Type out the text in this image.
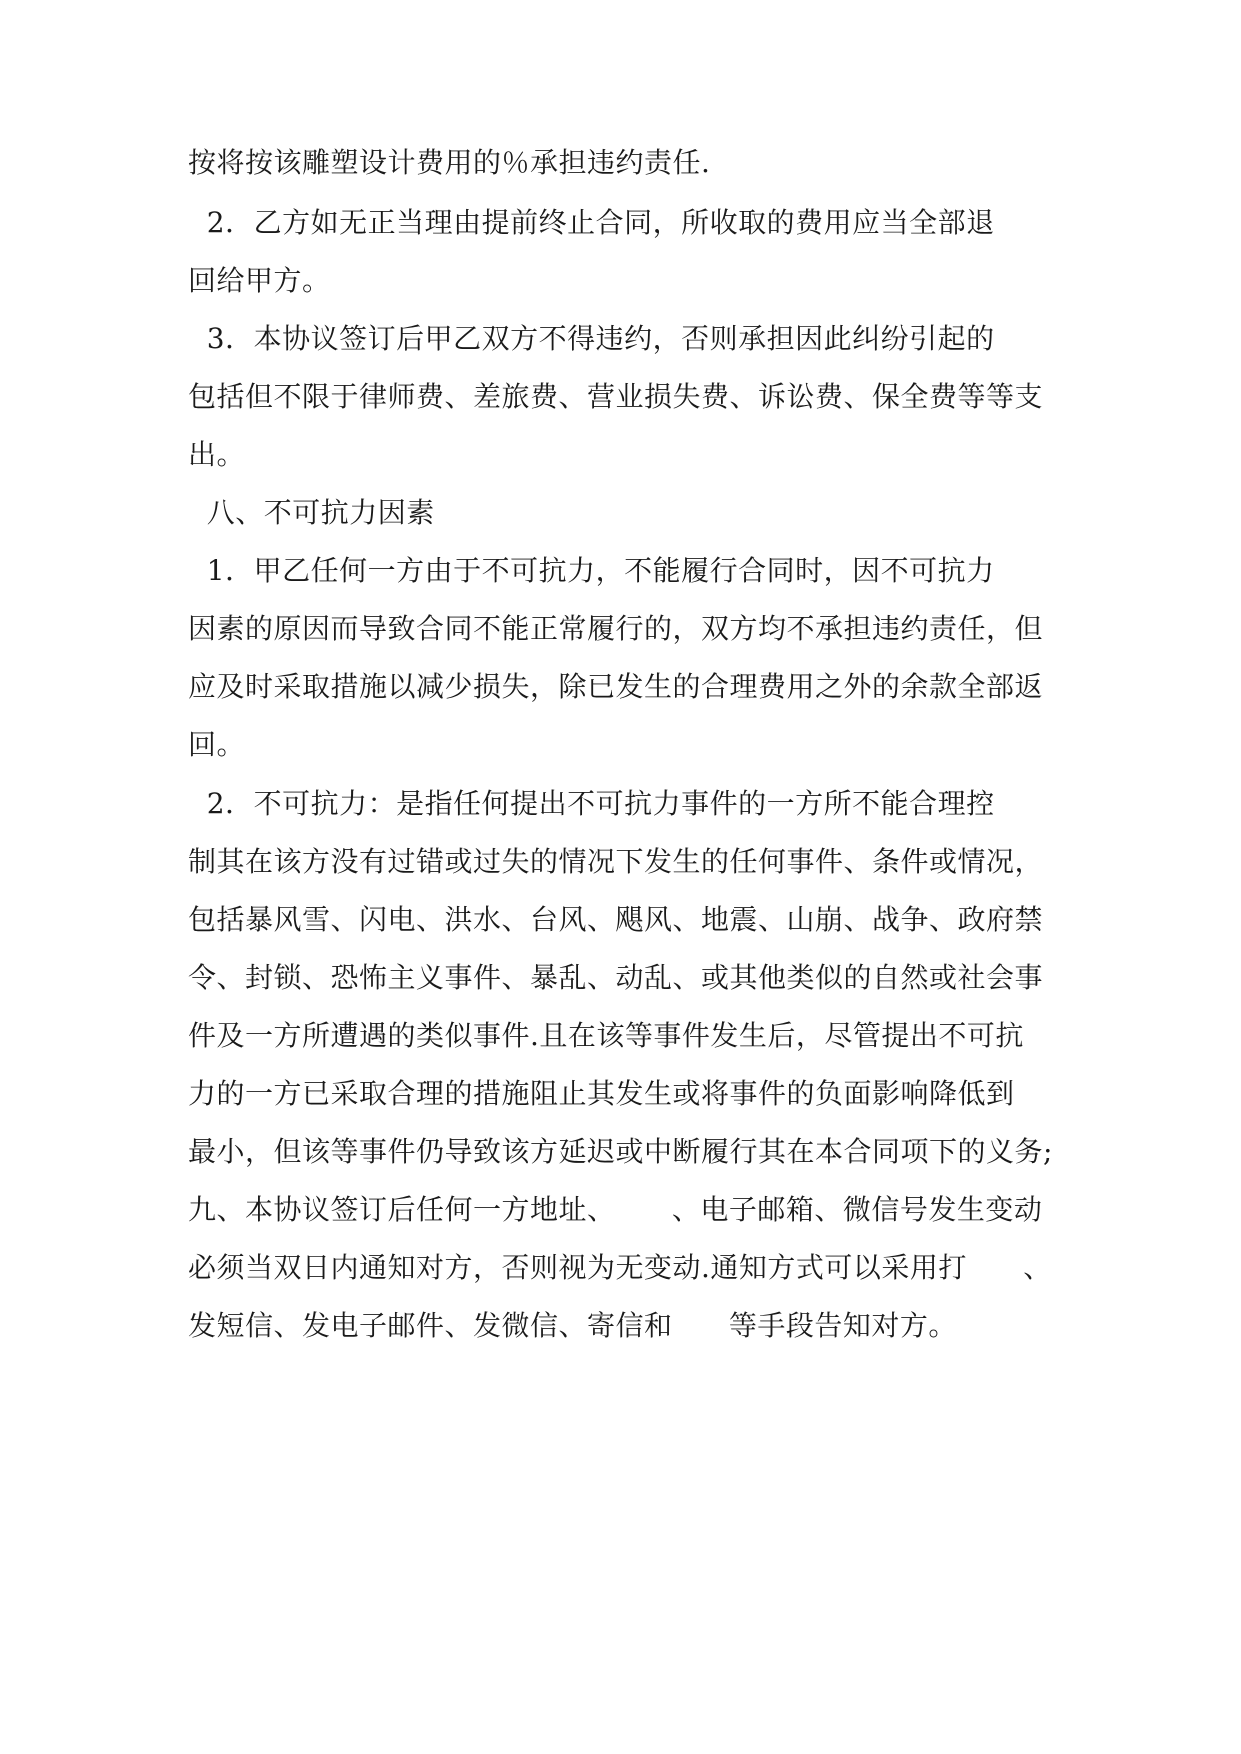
按将按该雕塑设计费用的％承担违约责任.
2．乙方如无正当理由提前终止合同，所收取的费用应当全部退
回给甲方。
3．本协议签订后甲乙双方不得违约，否则承担因此纠纷引起的
包括但不限于律师费、差旅费、营业损失费、诉讼费、保全费等等支
出。
八、不可抗力因素
1．甲乙任何一方由于不可抗力，不能履行合同时，因不可抗力
因素的原因而导致合同不能正常履行的，双方均不承担违约责任，但
应及时采取措施以减少损失，除已发生的合理费用之外的余款全部返
回。
2．不可抗力：是指任何提出不可抗力事件的一方所不能合理控
制其在该方没有过错或过失的情况下发生的任何事件、条件或情况，
包括暴风雪、闪电、洪水、台风、飓风、地震、山崩、战争、政府禁
令、封锁、恐怖主义事件、暴乱、动乱、或其他类似的自然或社会事
件及一方所遭遇的类似事件.且在该等事件发生后，尽管提出不可抗
力的一方已采取合理的措施阻止其发生或将事件的负面影响降低到
最小，但该等事件仍导致该方延迟或中断履行其在本合同项下的义务;
九、本协议签订后任何一方地址、      、电子邮箱、微信号发生变动
必须当双日内通知对方，否则视为无变动.通知方式可以采用打      、
发短信、发电子邮件、发微信、寄信和      等手段告知对方。
